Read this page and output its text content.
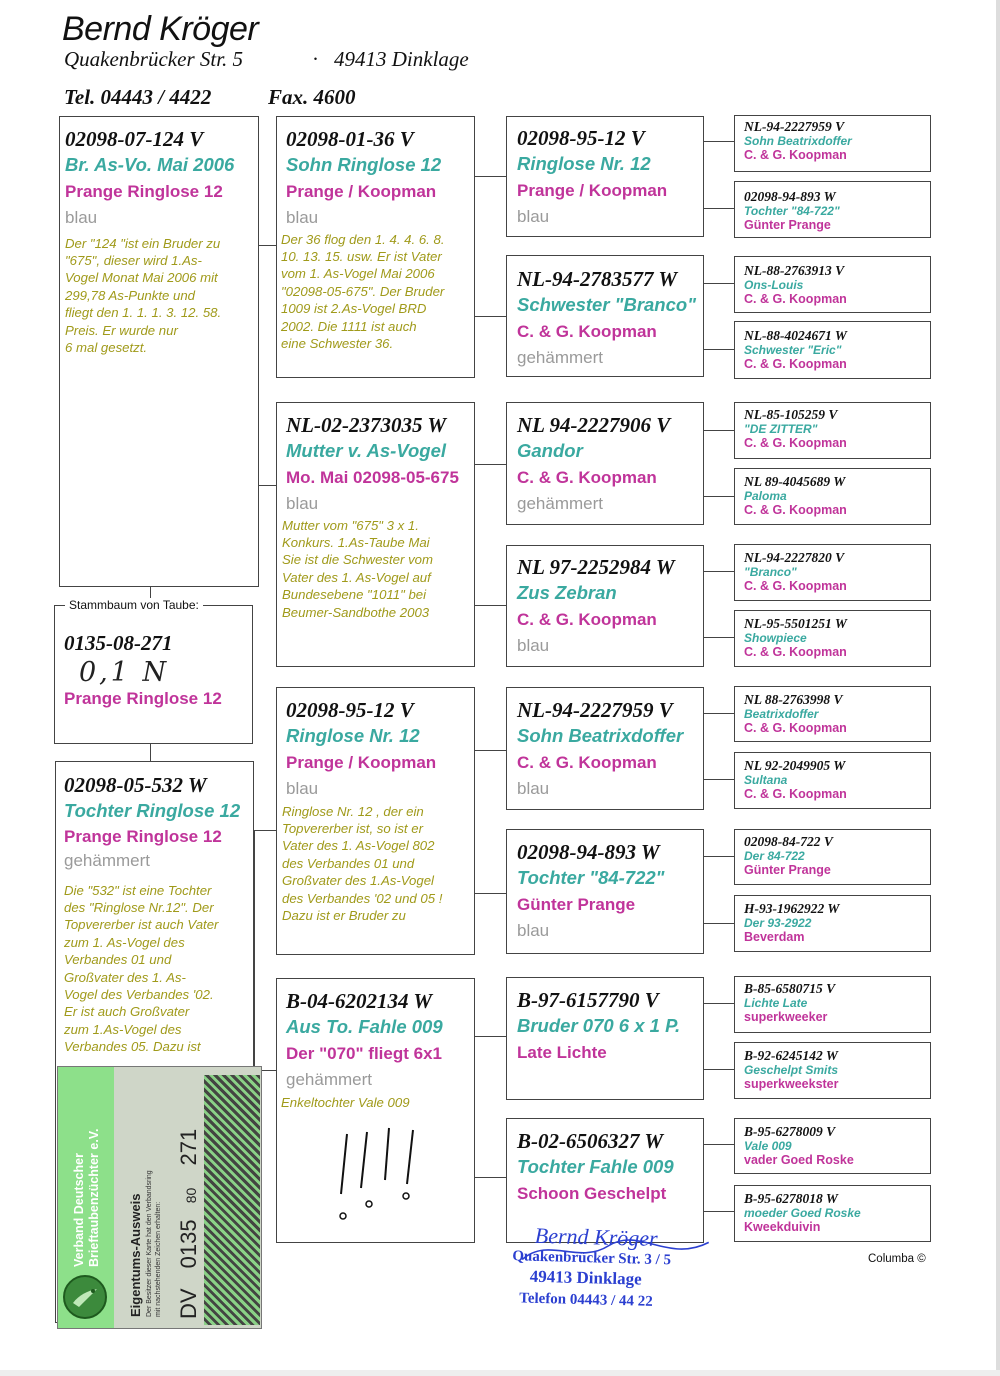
Bernd Kröger
Quakenbrücker Str. 5	· 49413 Dinklage
Tel. 04443 / 4422	Fax. 4600
02098-07-124 V
Br. As-Vo. Mai 2006
Prange Ringlose 12
blau
Der "124 "ist ein Bruder zu
"675", dieser wird 1.As-
Vogel Monat Mai 2006 mit
299,78 As-Punkte und
fliegt den 1. 1. 1. 3. 12. 58.
Preis. Er wurde nur
6 mal gesetzt.
Stammbaum von Taube:
0135-08-271
0,1 N
Prange Ringlose 12
02098-05-532 W
Tochter Ringlose 12
Prange Ringlose 12
gehämmert
Die "532" ist eine Tochter
des "Ringlose Nr.12". Der
Topvererber ist auch Vater
zum 1. As-Vogel des
Verbandes 01 und
Großvater des 1. As-
Vogel des Verbandes '02.
Er ist auch Großvater
zum 1.As-Vogel des
Verbandes 05. Dazu ist
Verband Deutscher Brieftaubenzüchter e.V. Eigentums-Ausweis Der Besitzer dieser Karte hat den Verbandsring mit nachstehenden Zeichen erhalten: DV 0135 80 271
02098-01-36 V
Sohn Ringlose 12
Prange / Koopman
blau
Der 36 flog den 1. 4. 4. 6. 8.
10. 13. 15. usw. Er ist Vater
vom 1. As-Vogel Mai 2006
"02098-05-675". Der Bruder
1009 ist 2.As-Vogel BRD
2002. Die 1111 ist auch
eine Schwester 36.
NL-02-2373035 W
Mutter v. As-Vogel
Mo. Mai 02098-05-675
blau
Mutter vom "675" 3 x 1.
Konkurs. 1.As-Taube Mai
Sie ist die Schwester vom
Vater des 1. As-Vogel auf
Bundesebene "1011" bei
Beumer-Sandbothe 2003
02098-95-12 V
Ringlose Nr. 12
Prange / Koopman
blau
Ringlose Nr. 12 , der ein
Topvererber ist, so ist er
Vater des 1. As-Vogel 802
des Verbandes 01 und
Großvater des 1.As-Vogel
des Verbandes '02 und 05 !
Dazu ist er Bruder zu
B-04-6202134 W
Aus To. Fahle 009
Der "070" fliegt 6x1
gehämmert
Enkeltochter Vale 009
02098-95-12 V
Ringlose Nr. 12
Prange / Koopman
blau
NL-94-2783577 W
Schwester "Branco"
C. & G. Koopman
gehämmert
NL 94-2227906 V
Gandor
C. & G. Koopman
gehämmert
NL 97-2252984 W
Zus Zebran
C. & G. Koopman
blau
NL-94-2227959 V
Sohn Beatrixdoffer
C. & G. Koopman
blau
02098-94-893 W
Tochter "84-722"
Günter Prange
blau
B-97-6157790 V
Bruder 070 6 x 1 P.
Late Lichte
B-02-6506327 W
Tochter Fahle 009
Schoon Geschelpt
NL-94-2227959 V
Sohn Beatrixdoffer
C. & G. Koopman
02098-94-893 W
Tochter "84-722"
Günter Prange
NL-88-2763913 V
Ons-Louis
C. & G. Koopman
NL-88-4024671 W
Schwester "Eric"
C. & G. Koopman
NL-85-105259 V
"DE ZITTER"
C. & G. Koopman
NL 89-4045689 W
Paloma
C. & G. Koopman
NL-94-2227820 V
"Branco"
C. & G. Koopman
NL-95-5501251 W
Showpiece
C. & G. Koopman
NL 88-2763998 V
Beatrixdoffer
C. & G. Koopman
NL 92-2049905 W
Sultana
C. & G. Koopman
02098-84-722 V
Der 84-722
Günter Prange
H-93-1962922 W
Der 93-2922
Beverdam
B-85-6580715 V
Lichte Late
superkweeker
B-92-6245142 W
Geschelpt Smits
superkweekster
B-95-6278009 V
Vale 009
vader Goed Roske
B-95-6278018 W
moeder Goed Roske
Kweekduivin
Bernd Kröger
Quakenbrücker Str. 3 / 5
49413 Dinklage
Telefon 04443 / 44 22
Columba ©
